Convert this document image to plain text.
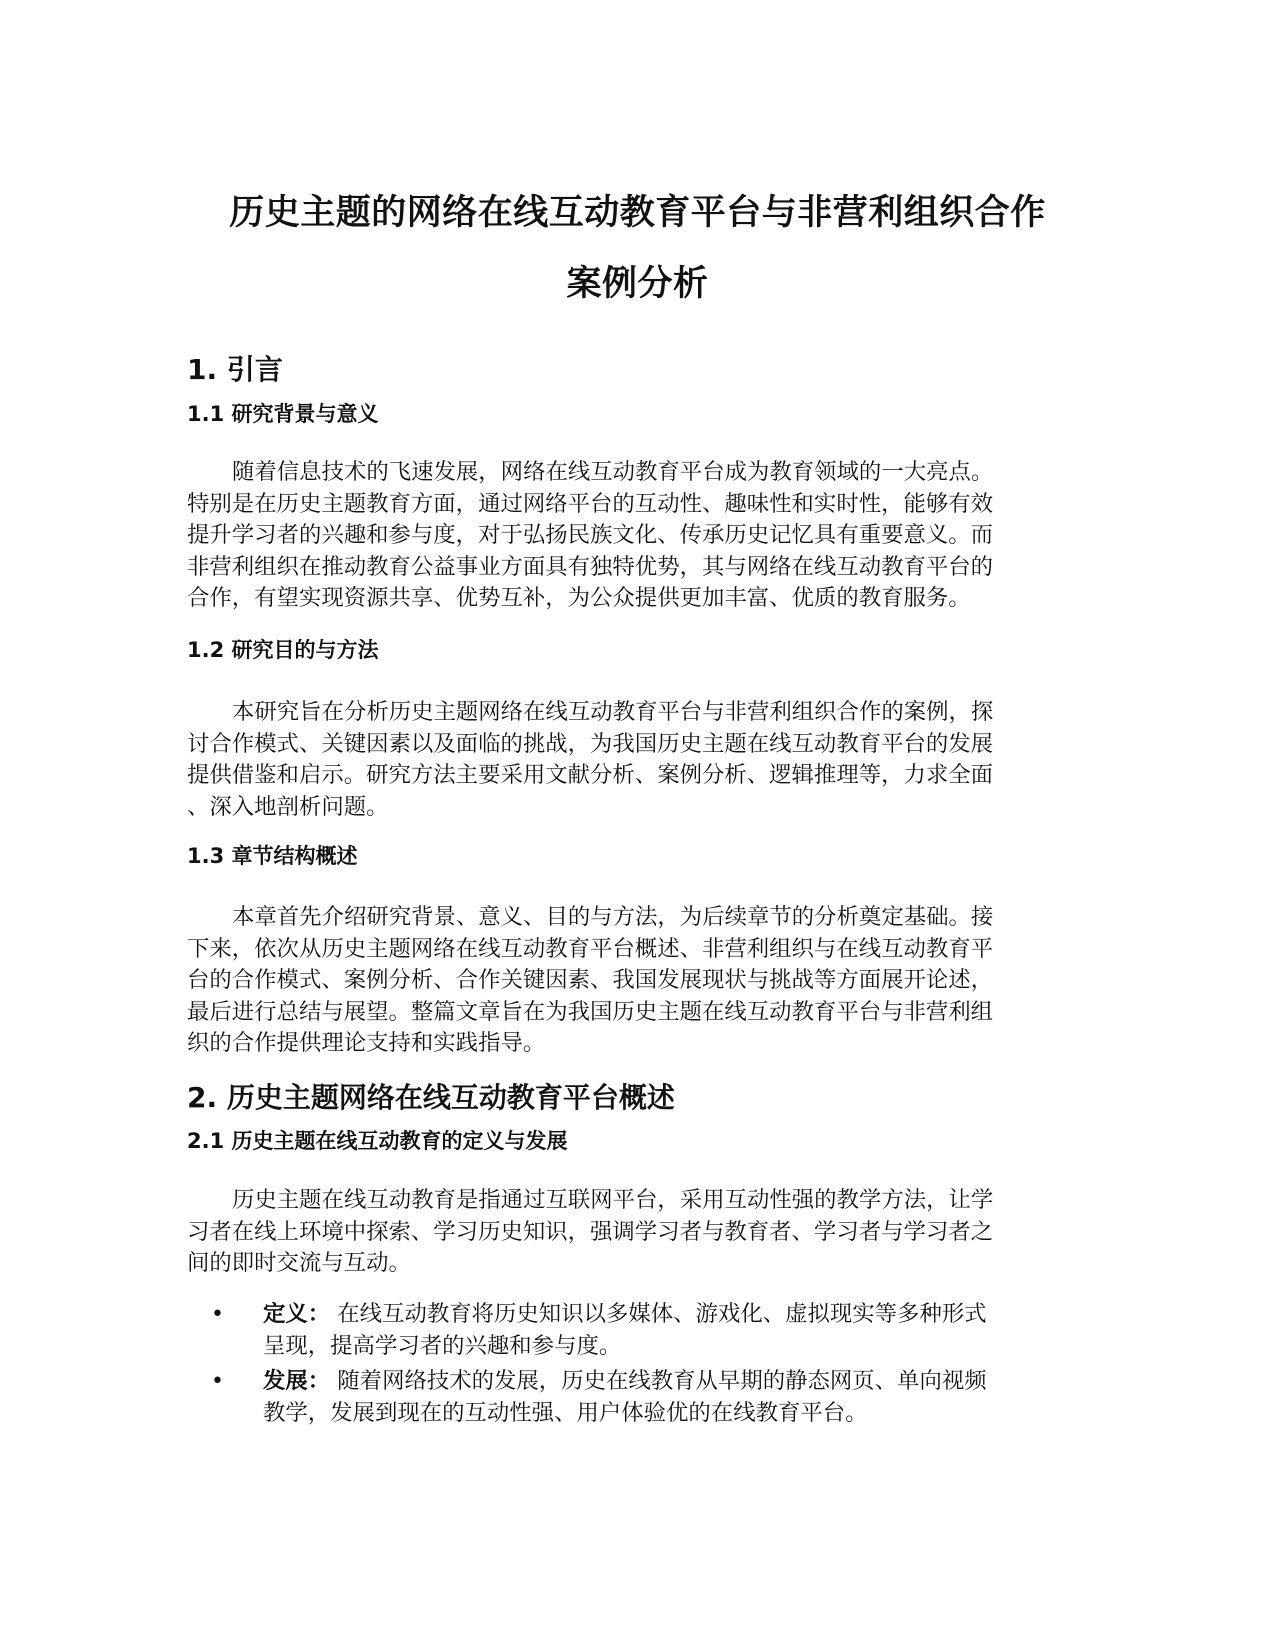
历史主题的网络在线互动教育平台与非营利组织合作
案例分析
1. 引言
1.1 研究背景与意义

随着信息技术的飞速发展，网络在线互动教育平台成为教育领域的一大亮点。
特别是在历史主题教育方面，通过网络平台的互动性、趣味性和实时性，能够有效
提升学习者的兴趣和参与度，对于弘扬民族文化、传承历史记忆具有重要意义。而
非营利组织在推动教育公益事业方面具有独特优势，其与网络在线互动教育平台的
合作，有望实现资源共享、优势互补，为公众提供更加丰富、优质的教育服务。

1.2 研究目的与方法

本研究旨在分析历史主题网络在线互动教育平台与非营利组织合作的案例，探
讨合作模式、关键因素以及面临的挑战，为我国历史主题在线互动教育平台的发展
提供借鉴和启示。研究方法主要采用文献分析、案例分析、逻辑推理等，力求全面
、深入地剖析问题。

1.3 章节结构概述

本章首先介绍研究背景、意义、目的与方法，为后续章节的分析奠定基础。接
下来，依次从历史主题网络在线互动教育平台概述、非营利组织与在线互动教育平
台的合作模式、案例分析、合作关键因素、我国发展现状与挑战等方面展开论述，
最后进行总结与展望。整篇文章旨在为我国历史主题在线互动教育平台与非营利组
织的合作提供理论支持和实践指导。

2. 历史主题网络在线互动教育平台概述
2.1 历史主题在线互动教育的定义与发展

历史主题在线互动教育是指通过互联网平台，采用互动性强的教学方法，让学
习者在线上环境中探索、学习历史知识，强调学习者与教育者、学习者与学习者之
间的即时交流与互动。

• 定义： 在线互动教育将历史知识以多媒体、游戏化、虚拟现实等多种形式
呈现，提高学习者的兴趣和参与度。
• 发展： 随着网络技术的发展，历史在线教育从早期的静态网页、单向视频
教学，发展到现在的互动性强、用户体验优的在线教育平台。
